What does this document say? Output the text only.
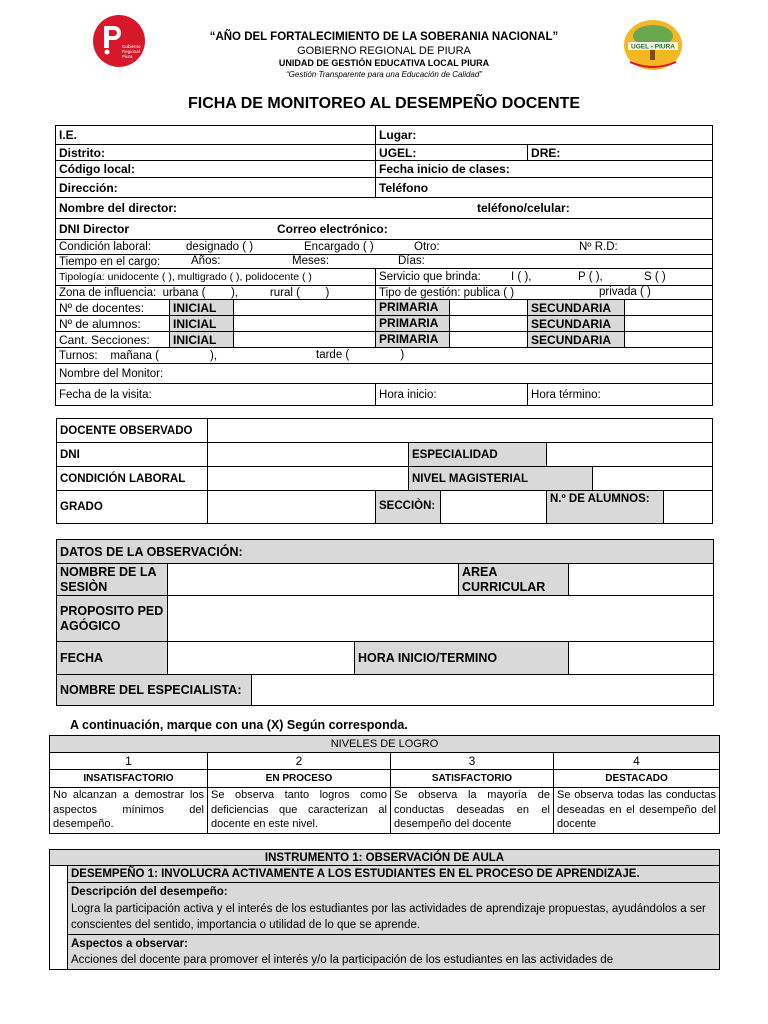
Gobierno
Regional
Piura
UGEL - PIURA
“AÑO DEL FORTALECIMIENTO DE LA SOBERANIA NACIONAL”
GOBIERNO REGIONAL DE PIURA
UNIDAD DE GESTIÓN EDUCATIVA LOCAL PIURA
“Gestión Transparente para una Educación de Calidad”
FICHA DE MONITOREO AL DESEMPEÑO DOCENTE
I.E.			Lugar:		
Distrito:			UGEL:	DRE:	
Código local:			Fecha inicio de clases:		
Dirección:			Teléfono		
Nombre del director: teléfono/celular:					

DNI Director Correo electrónico:					

Condición laboral: designado ( ) Encargado ( ) Otro: Nº R.D:					

Tiempo en el cargo: Años: Meses: Días:					

Tipología: unidocente ( ), multigrado ( ), polidocente ( )			Servicio que brinda: I ( ), P ( ), S ( )		

Zona de influencia:  urbana (        ),          rural (        )			Tipo de gestión: publica ( ) privada ( )		

Nº de docentes:	INICIAL		PRIMARIA	SECUNDARIA	
Nº de alumnos:	INICIAL		PRIMARIA	SECUNDARIA	
Cant. Secciones:	INICIAL		PRIMARIA	SECUNDARIA	
Turnos:    mañana (                ), tarde (                )					

Nombre del Monitor:					
Fecha de la visita:			Hora inicio:	Hora término:	
DOCENTE OBSERVADO					
DNI			ESPECIALIDAD		
CONDICIÓN LABORAL			NIVEL MAGISTERIAL		
GRADO		SECCIÒN:		N.º DE ALUMNOS:	
DATOS DE LA OBSERVACIÓN:					
NOMBRE DE LA SESIÒN				AREA CURRICULAR	
PROPOSITO PEDAGÓGICO					
FECHA			HORA INICIO/TERMINO		
NOMBRE DEL ESPECIALISTA:					
A continuación, marque con una (X) Según corresponda.
NIVELES DE LOGRO			
1	2	3	4
INSATISFACTORIO	EN PROCESO	SATISFACTORIO	DESTACADO
No alcanzan a demostrar los aspectos mínimos del desempeño.	Se observa tanto logros como deficiencias que caracterizan al docente en este nivel.	Se observa la mayoría de conductas deseadas en el desempeño del docente	Se observa todas las conductas deseadas en el desempeño del docente
INSTRUMENTO 1: OBSERVACIÓN DE AULA
	DESEMPEÑO 1: INVOLUCRA ACTIVAMENTE A LOS ESTUDIANTES EN EL PROCESO DE APRENDIZAJE.

Descripción del desempeño:
Logra la participación activa y el interés de los estudiantes por las actividades de aprendizaje propuestas, ayudándolos a ser conscientes del sentido, importancia o utilidad de lo que se aprende.

Aspectos a observar:
Acciones del docente para promover el interés y/o la participación de los estudiantes en las actividades de
